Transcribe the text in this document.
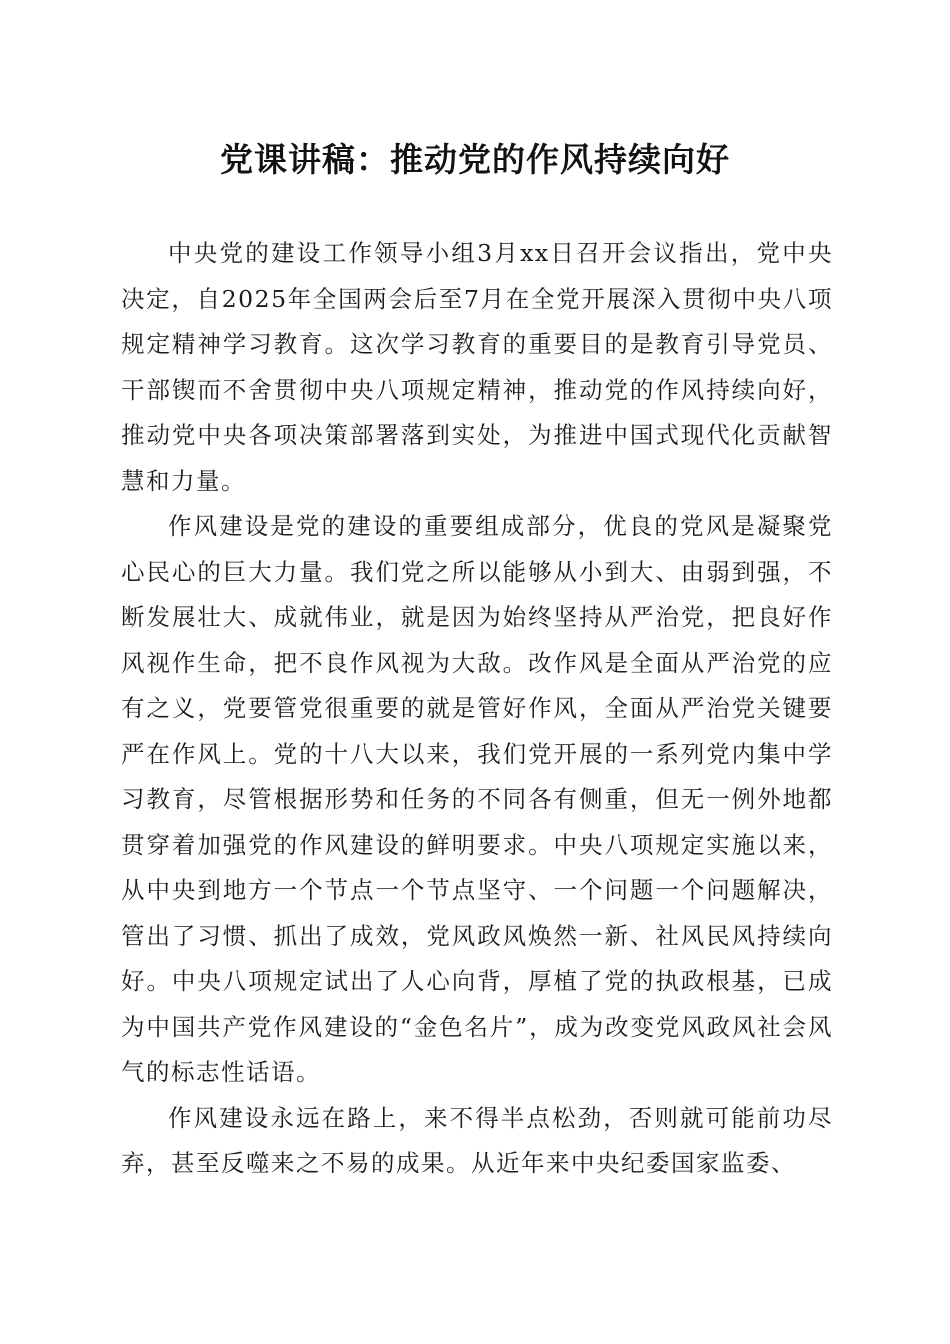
党课讲稿：推动党的作风持续向好

中央党的建设工作领导小组3月xx日召开会议指出，党中央决定，自2025年全国两会后至7月在全党开展深入贯彻中央八项规定精神学习教育。这次学习教育的重要目的是教育引导党员、干部锲而不舍贯彻中央八项规定精神，推动党的作风持续向好，推动党中央各项决策部署落到实处，为推进中国式现代化贡献智慧和力量。

作风建设是党的建设的重要组成部分，优良的党风是凝聚党心民心的巨大力量。我们党之所以能够从小到大、由弱到强，不断发展壮大、成就伟业，就是因为始终坚持从严治党，把良好作风视作生命，把不良作风视为大敌。改作风是全面从严治党的应有之义，党要管党很重要的就是管好作风，全面从严治党关键要严在作风上。党的十八大以来，我们党开展的一系列党内集中学习教育，尽管根据形势和任务的不同各有侧重，但无一例外地都贯穿着加强党的作风建设的鲜明要求。中央八项规定实施以来，从中央到地方一个节点一个节点坚守、一个问题一个问题解决，管出了习惯、抓出了成效，党风政风焕然一新、社风民风持续向好。中央八项规定试出了人心向背，厚植了党的执政根基，已成为中国共产党作风建设的“金色名片”，成为改变党风政风社会风气的标志性话语。

作风建设永远在路上，来不得半点松劲，否则就可能前功尽弃，甚至反噬来之不易的成果。从近年来中央纪委国家监委、
